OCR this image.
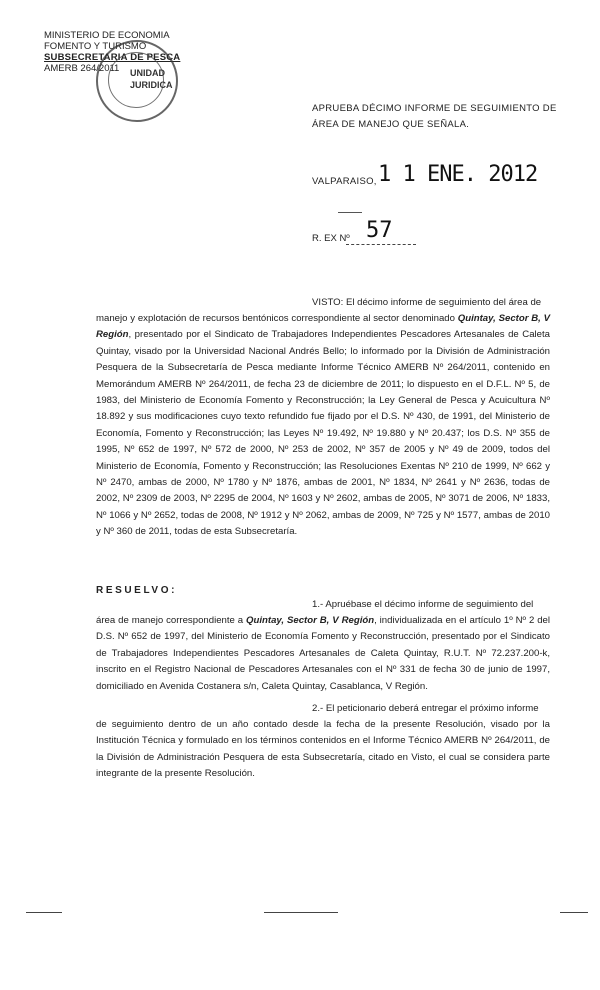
MINISTERIO DE ECONOMIA
FOMENTO Y TURISMO
SUBSECRETARIA DE PESCA
AMERB 264/2011	UNIDAD
JURIDICA
APRUEBA DÉCIMO INFORME DE SEGUIMIENTO DE ÁREA DE MANEJO QUE SEÑALA.
VALPARAISO, 1 1 ENE. 2012
R. EX Nº 57
VISTO: El décimo informe de seguimiento del área de
manejo y explotación de recursos bentónicos correspondiente al sector denominado Quintay, Sector B, V Región, presentado por el Sindicato de Trabajadores Independientes Pescadores Artesanales de Caleta Quintay, visado por la Universidad Nacional Andrés Bello; lo informado por la División de Administración Pesquera de la Subsecretaría de Pesca mediante Informe Técnico AMERB Nº 264/2011, contenido en Memorándum AMERB Nº 264/2011, de fecha 23 de diciembre de 2011; lo dispuesto en el D.F.L. Nº 5, de 1983, del Ministerio de Economía Fomento y Reconstrucción; la Ley General de Pesca y Acuicultura Nº 18.892 y sus modificaciones cuyo texto refundido fue fijado por el D.S. Nº 430, de 1991, del Ministerio de Economía, Fomento y Reconstrucción; las Leyes Nº 19.492, Nº 19.880 y Nº 20.437; los D.S. Nº 355 de 1995, Nº 652 de 1997, Nº 572 de 2000, Nº 253 de 2002, Nº 357 de 2005 y Nº 49 de 2009, todos del Ministerio de Economía, Fomento y Reconstrucción; las Resoluciones Exentas Nº 210 de 1999, Nº 662 y Nº 2470, ambas de 2000, Nº 1780 y Nº 1876, ambas de 2001, Nº 1834, Nº 2641 y Nº 2636, todas de 2002, Nº 2309 de 2003, Nº 2295 de 2004, Nº 1603 y Nº 2602, ambas de 2005, Nº 3071 de 2006, Nº 1833, Nº 1066 y Nº 2652, todas de 2008, Nº 1912 y Nº 2062, ambas de 2009, Nº 725 y Nº 1577, ambas de 2010 y Nº 360 de 2011, todas de esta Subsecretaría.
RESUELVO:
1.- Apruébase el décimo informe de seguimiento del
área de manejo correspondiente a Quintay, Sector B, V Región, individualizada en el artículo 1º Nº 2 del D.S. Nº 652 de 1997, del Ministerio de Economía Fomento y Reconstrucción, presentado por el Sindicato de Trabajadores Independientes Pescadores Artesanales de Caleta Quintay, R.U.T. Nº 72.237.200-k, inscrito en el Registro Nacional de Pescadores Artesanales con el Nº 331 de fecha 30 de junio de 1997, domiciliado en Avenida Costanera s/n, Caleta Quintay, Casablanca, V Región.
2.- El peticionario deberá entregar el próximo informe
de seguimiento dentro de un año contado desde la fecha de la presente Resolución, visado por la Institución Técnica y formulado en los términos contenidos en el Informe Técnico AMERB Nº 264/2011, de la División de Administración Pesquera de esta Subsecretaría, citado en Visto, el cual se considera parte integrante de la presente Resolución.
